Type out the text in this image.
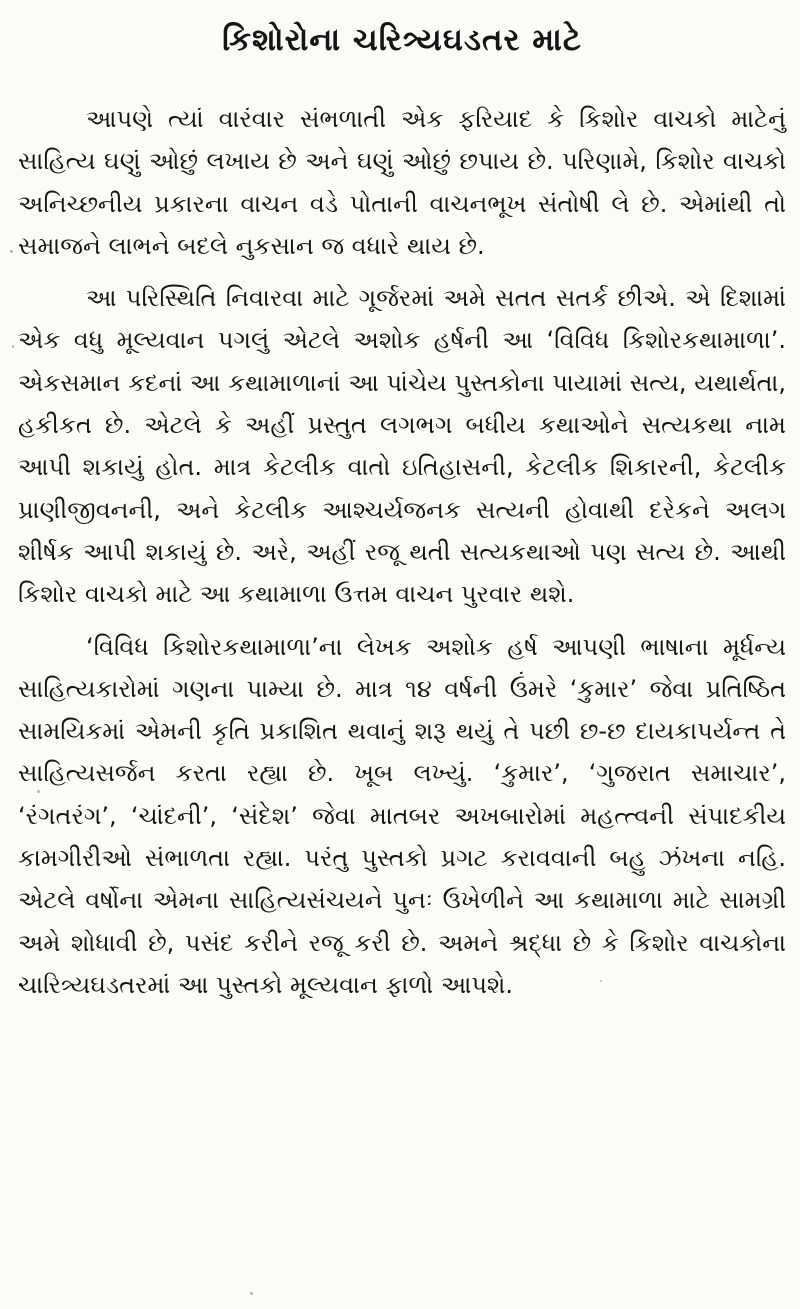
કિશોરોના ચરિત્ર્યઘડતર માટે

આપણે ત્યાં વારંવાર સંભળાતી એક ફરિયાદ કે કિશોર વાચકો માટેનું સાહિત્ય ઘણું ઓછું લખાય છે અને ઘણું ઓછું છપાય છે. પરિણામે, કિશોર વાચકો અનિચ્છનીય પ્રકારના વાચન વડે પોતાની વાચનભૂખ સંતોષી લે છે. એમાંથી તો સમાજને લાભને બદલે નુકસાન જ વધારે થાય છે.

આ પરિસ્થિતિ નિવારવા માટે ગૂર્જરમાં અમે સતત સતર્ક છીએ. એ દિશામાં એક વધુ મૂલ્યવાન પગલું એટલે અશોક હર્ષની આ ‘વિવિધ કિશોરકથામાળા’. એકસમાન કદનાં આ કથામાળાનાં આ પાંચેય પુસ્તકોના પાયામાં સત્ય, યથાર્થતા, હકીકત છે. એટલે કે અહીં પ્રસ્તુત લગભગ બધીય કથાઓને સત્યકથા નામ આપી શકાયું હોત. માત્ર કેટલીક વાતો ઇતિહાસની, કેટલીક શિકારની, કેટલીક પ્રાણીજીવનની, અને કેટલીક આશ્ચર્યજનક સત્યની હોવાથી દરેકને અલગ શીર્ષક આપી શકાયું છે. અરે, અહીં રજૂ થતી સત્યકથાઓ પણ સત્ય છે. આથી કિશોર વાચકો માટે આ કથામાળા ઉત્તમ વાચન પુરવાર થશે.

‘વિવિધ કિશોરકથામાળા’ના લેખક અશોક હર્ષ આપણી ભાષાના મૂર્ધન્ય સાહિત્યકારોમાં ગણના પામ્યા છે. માત્ર ૧૪ વર્ષની ઉંમરે ‘કુમાર’ જેવા પ્રતિષ્ઠિત સામયિકમાં એમની કૃતિ પ્રકાશિત થવાનું શરૂ થયું તે પછી છ-છ દાયકાપર્યન્ત તે સાહિત્યસર્જન કરતા રહ્યા છે. ખૂબ લખ્યું. ‘કુમાર’, ‘ગુજરાત સમાચાર’, ‘રંગતરંગ’, ‘ચાંદની’, ‘સંદેશ’ જેવા માતબર અખબારોમાં મહત્ત્વની સંપાદકીય કામગીરીઓ સંભાળતા રહ્યા. પરંતુ પુસ્તકો પ્રગટ કરાવવાની બહુ ઝંખના નહિ. એટલે વર્ષોના એમના સાહિત્યસંચયને પુનઃ ઉખેળીને આ કથામાળા માટે સામગ્રી અમે શોધાવી છે, પસંદ કરીને રજૂ કરી છે. અમને શ્રદ્ધા છે કે કિશોર વાચકોના ચારિત્ર્યઘડતરમાં આ પુસ્તકો મૂલ્યવાન ફાળો આપશે.
